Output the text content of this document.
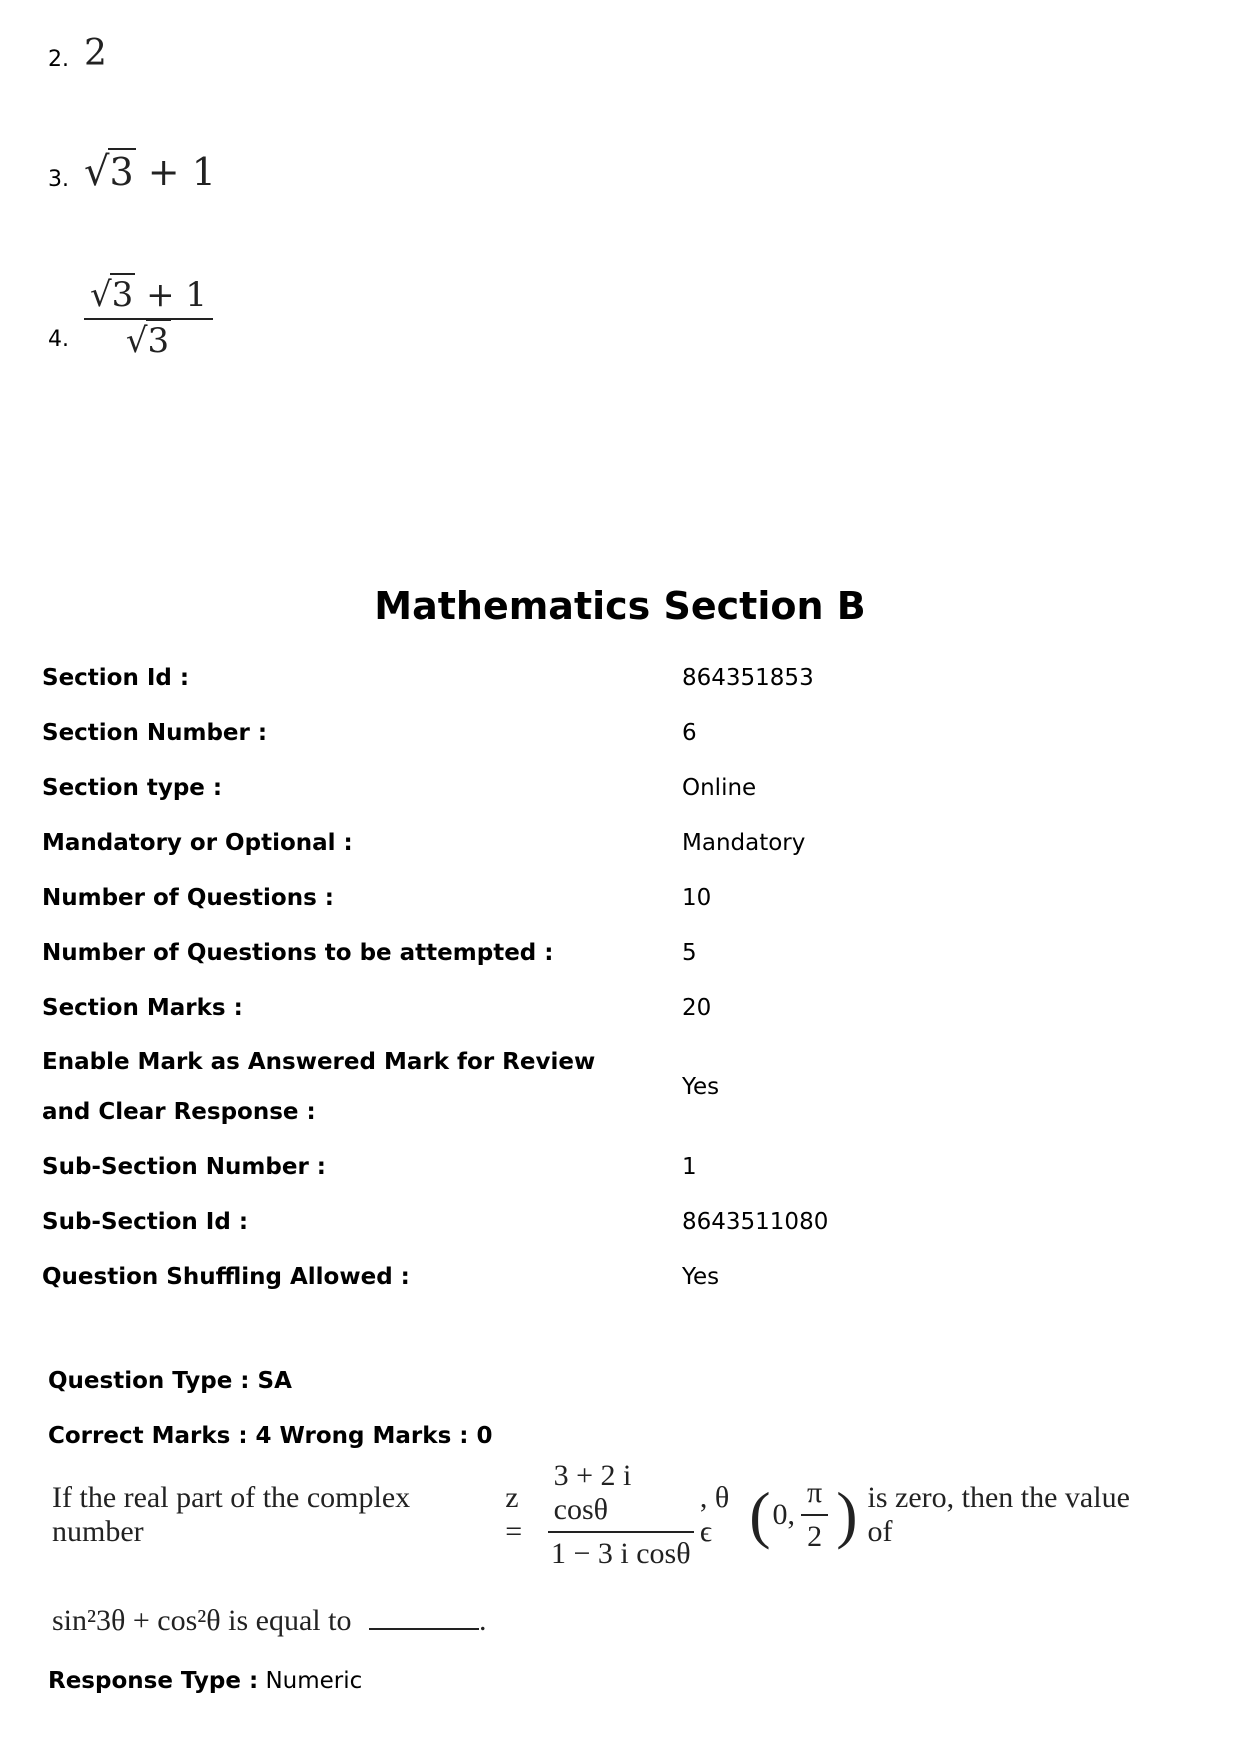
2. 2
3. √3 + 1
4. $\frac{√3 + 1}{√3}$
Mathematics Section B
Section Id :	864351853
Section Number :	6
Section type :	Online
Mandatory or Optional :	Mandatory
Number of Questions :	10
Number of Questions to be attempted :	5
Section Marks :	20
Enable Mark as Answered Mark for Review and Clear Response :
Yes
Sub-Section Number :	1
Sub-Section Id :	8643511080
Question Shuffling Allowed :	Yes
Question Type : SA
Correct Marks : 4 Wrong Marks : 0
If the real part of the complex number
$z = \frac{\text{3 + 2 i cosθ}}{\text{1 − 3 i cosθ}}$ , θ ϵ ( 0, $\frac{\pi}{2}$ ) is zero, then the value of
sin²3θ + cos²θ is equal to	.
Response Type : Numeric
